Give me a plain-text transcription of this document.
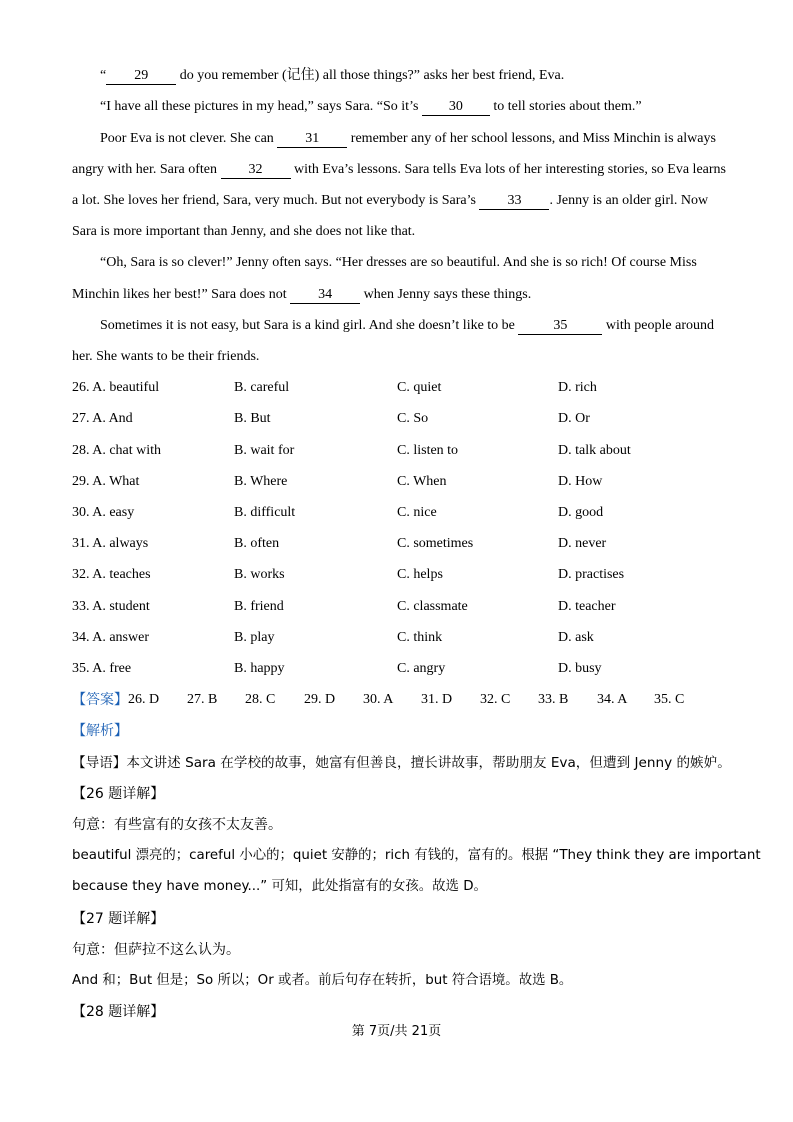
“ 29 do you remember (记住) all those things?” asks her best friend, Eva.
“I have all these pictures in my head,” says Sara. “So it’s 30 to tell stories about them.”
Poor Eva is not clever. She can 31 remember any of her school lessons, and Miss Minchin is always
angry with her. Sara often 32 with Eva’s lessons. Sara tells Eva lots of her interesting stories, so Eva learns
a lot. She loves her friend, Sara, very much. But not everybody is Sara’s 33 . Jenny is an older girl. Now
Sara is more important than Jenny, and she does not like that.
“Oh, Sara is so clever!” Jenny often says. “Her dresses are so beautiful. And she is so rich! Of course Miss
Minchin likes her best!” Sara does not 34 when Jenny says these things.
Sometimes it is not easy, but Sara is a kind girl. And she doesn’t like to be	35	with people around
her. She wants to be their friends.
26. A. beautiful	B. careful	C. quiet	D. rich
27. A. And	B. But	C. So	D. Or
28. A. chat with	B. wait for	C. listen to	D. talk about
29. A. What	B. Where	C. When	D. How
30. A. easy	B. difficult	C. nice	D. good
31. A. always	B. often	C. sometimes	D. never
32. A. teaches	B. works	C. helps	D. practises
33. A. student	B. friend	C. classmate	D. teacher
34. A. answer	B. play	C. think	D. ask
35. A. free	B. happy	C. angry	D. busy
【答案】 26. D 27. B 28. C 29. D 30. A 31. D 32. C 33. B 34. A 35. C
【解析】
【导语】本文讲述 Sara 在学校的故事，她富有但善良，擅长讲故事，帮助朋友 Eva，但遭到 Jenny 的嫉妒。
【26 题详解】
句意：有些富有的女孩不太友善。
beautiful 漂亮的；careful 小心的；quiet 安静的；rich 有钱的，富有的。根据 “They think they are important
because they have money...” 可知，此处指富有的女孩。故选 D。
【27 题详解】
句意：但萨拉不这么认为。
And 和；But 但是；So 所以；Or 或者。前后句存在转折，but 符合语境。故选 B。
【28 题详解】
第 7页/共 21页
